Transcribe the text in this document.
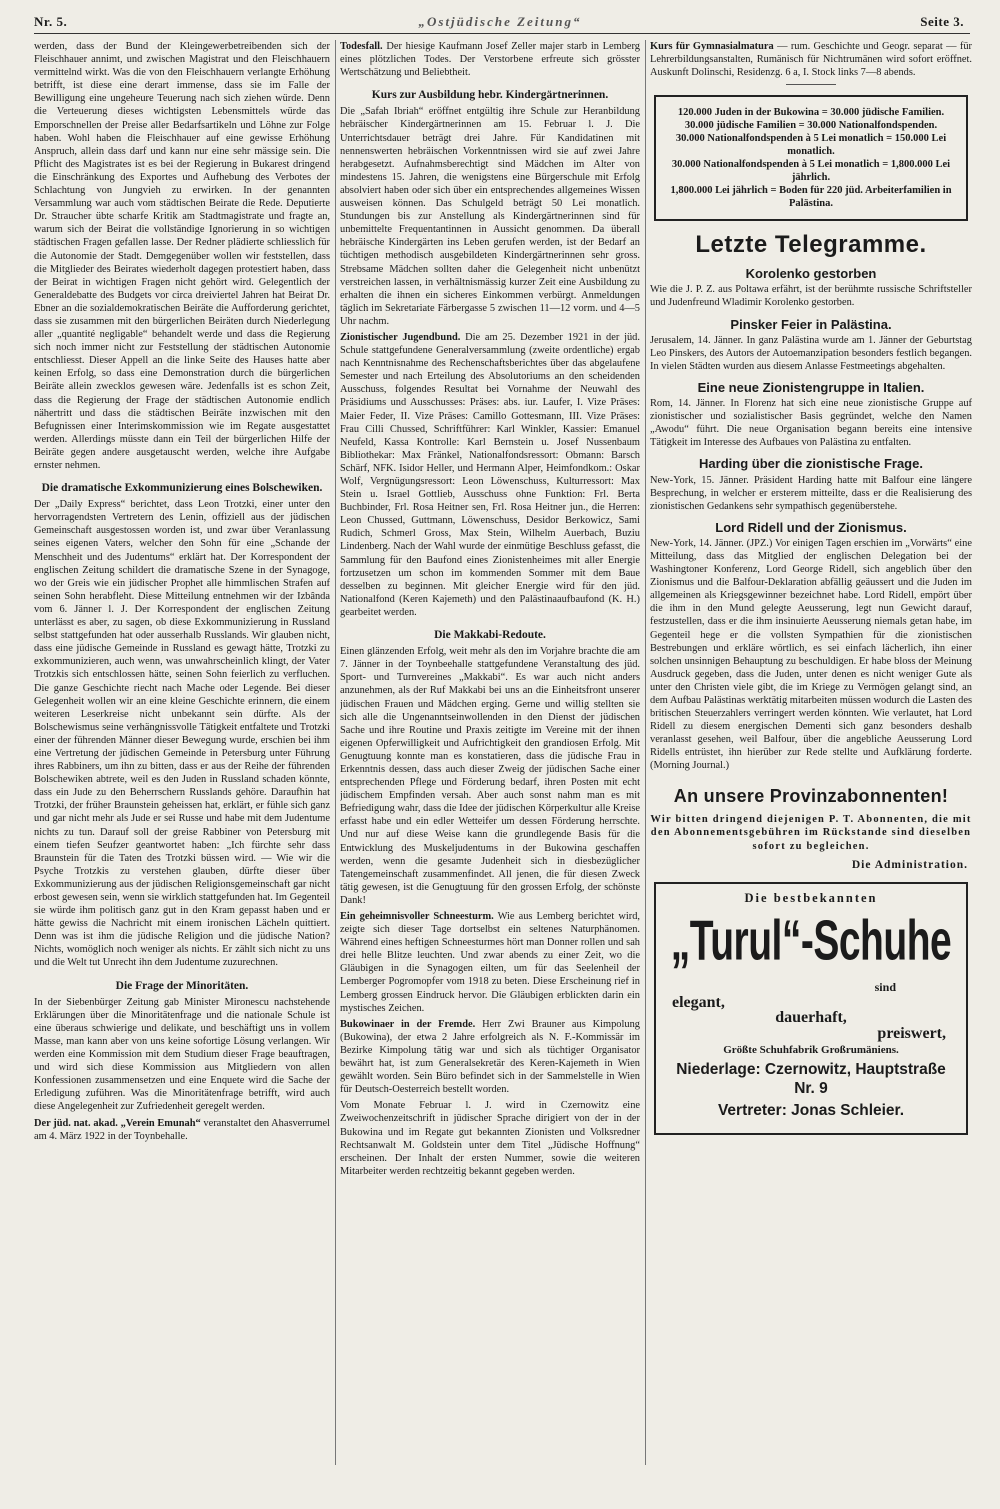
Nr. 5.	„Ostjüdische Zeitung“	Seite 3.

werden, dass der Bund der Kleingewerbetreibenden sich der Fleischhauer annimt, und zwischen Magistrat und den Fleischhauern vermittelnd wirkt. Was die von den Fleischhauern verlangte Erhöhung betrifft, ist diese eine derart immense, dass sie im Falle der Bewilligung eine ungeheure Teuerung nach sich ziehen würde. Denn die Verteuerung dieses wichtigsten Lebensmittels würde das Emporschnellen der Preise aller Bedarfsartikeln und Löhne zur Folge haben. Wohl haben die Fleischhauer auf eine gewisse Erhöhung Anspruch, allein dass darf und kann nur eine sehr mässige sein. Die Pflicht des Magistrates ist es bei der Regierung in Bukarest dringend die Einschränkung des Exportes und Aufhebung des Verbotes der Schlachtung von Jungvieh zu erwirken. In der genannten Versammlung war auch vom städtischen Beirate die Rede. Deputierte Dr. Straucher übte scharfe Kritik am Stadtmagistrate und fragte an, warum sich der Beirat die vollständige Ignorierung in so wichtigen städtischen Fragen gefallen lasse. Der Redner plädierte schliesslich für die Autonomie der Stadt. Demgegenüber wollen wir feststellen, dass die Mitglieder des Beirates wiederholt dagegen protestiert haben, dass der Beirat in wichtigen Fragen nicht gehört wird. Gelegentlich der Generaldebatte des Budgets vor circa dreiviertel Jahren hat Beirat Dr. Ebner an die sozialdemokratischen Beiräte die Aufforderung gerichtet, dass sie zusammen mit den bürgerlichen Beiräten durch Niederlegung aller „quantité negligable“ behandelt werde und dass die Regierung sich noch immer nicht zur Feststellung der städtischen Autonomie entschliesst. Dieser Appell an die linke Seite des Hauses hatte aber keinen Erfolg, so dass eine Demonstration durch die bürgerlichen Beiräte allein zwecklos gewesen wäre. Jedenfalls ist es schon Zeit, dass die Regierung der Frage der städtischen Autonomie endlich nähertritt und dass die städtischen Beiräte inzwischen mit den Befugnissen einer Interimskommission wie im Regate ausgestattet werden. Allerdings müsste dann ein Teil der bürgerlichen Hilfe der Beiräte gegen andere ausgetauscht werden, welche ihre Aufgabe ernster nehmen.

Die dramatische Exkommunizierung eines Bolschewiken.

Der „Daily Express“ berichtet, dass Leon Trotzki, einer unter den hervorragendsten Vertretern des Lenin, offiziell aus der jüdischen Gemeinschaft ausgestossen worden ist, und zwar über Veranlassung seines eigenen Vaters, welcher den Sohn für eine „Schande der Menschheit und des Judentums“ erklärt hat. Der Korrespondent der englischen Zeitung schildert die dramatische Szene in der Synagoge, wo der Greis wie ein jüdischer Prophet alle himmlischen Strafen auf seinen Sohn herabfleht. Diese Mitteilung entnehmen wir der Izbânda vom 6. Jänner l. J. Der Korrespondent der englischen Zeitung unterlässt es aber, zu sagen, ob diese Exkommunizierung in Russland selbst stattgefunden hat oder ausserhalb Russlands. Wir glauben nicht, dass eine jüdische Gemeinde in Russland es gewagt hätte, Trotzki zu exkommunizieren, auch wenn, was unwahrscheinlich klingt, der Vater Trotzkis sich entschlossen hätte, seinen Sohn feierlich zu verfluchen. Die ganze Geschichte riecht nach Mache oder Legende. Bei dieser Gelegenheit wollen wir an eine kleine Geschichte erinnern, die einem weiteren Leserkreise nicht unbekannt sein dürfte. Als der Bolschewismus seine verhängnissvolle Tätigkeit entfaltete und Trotzki einer der führenden Männer dieser Bewegung wurde, erschien bei ihm eine Vertretung der jüdischen Gemeinde in Petersburg unter Führung ihres Rabbiners, um ihn zu bitten, dass er aus der Reihe der führenden Bolschewiken abtrete, weil es den Juden in Russland schaden könnte, dass ein Jude zu den Beherrschern Russlands gehöre. Daraufhin hat Trotzki, der früher Braunstein geheissen hat, erklärt, er fühle sich ganz und gar nicht mehr als Jude er sei Russe und habe mit dem Judentume nichts zu tun. Darauf soll der greise Rabbiner von Petersburg mit einem tiefen Seufzer geantwortet haben: „Ich fürchte sehr dass Braunstein für die Taten des Trotzki büssen wird. — Wie wir die Psyche Trotzkis zu verstehen glauben, dürfte dieser über Exkommunizierung aus der jüdischen Religionsgemeinschaft gar nicht erbost gewesen sein, wenn sie wirklich stattgefunden hat. Im Gegenteil sie würde ihm politisch ganz gut in den Kram gepasst haben und er hätte gewiss die Nachricht mit einem ironischen Lächeln quittiert. Denn was ist ihm die jüdische Religion und die jüdische Nation? Nichts, womöglich noch weniger als nichts. Er zählt sich nicht zu uns und die Welt tut Unrecht ihn dem Judentume zuzurechnen.

Die Frage der Minoritäten.

In der Siebenbürger Zeitung gab Minister Mironescu nachstehende Erklärungen über die Minoritätenfrage und die nationale Schule ist eine überaus schwierige und delikate, und beschäftigt uns in vollem Masse, man kann aber von uns keine sofortige Lösung verlangen. Wir werden eine Kommission mit dem Studium dieser Frage beauftragen, und wird sich diese Kommission aus Mitgliedern von allen Konfessionen zusammensetzen und eine Enquete wird die Sache der Erledigung zuführen. Was die Minoritätenfrage betrifft, wird auch diese Angelegenheit zur Zufriedenheit geregelt werden.

Der jüd. nat. akad. „Verein Emunah“ veranstaltet den Ahasverrumel am 4. März 1922 in der Toynbehalle.

Todesfall. Der hiesige Kaufmann Josef Zeller majer starb in Lemberg eines plötzlichen Todes. Der Verstorbene erfreute sich grösster Wertschätzung und Beliebtheit.

Kurs zur Ausbildung hebr. Kindergärtnerinnen.

Die „Safah Ibriah“ eröffnet entgültig ihre Schule zur Heranbildung hebräischer Kindergärtnerinnen am 15. Februar l. J. Die Unterrichtsdauer beträgt drei Jahre. Für Kandidatinen mit nennenswerten hebräischen Vorkenntnissen wird sie auf zwei Jahre herabgesetzt. Aufnahmsberechtigt sind Mädchen im Alter von mindestens 15. Jahren, die wenigstens eine Bürgerschule mit Erfolg absolviert haben oder sich über ein entsprechendes allgemeines Wissen ausweisen können. Das Schulgeld beträgt 50 Lei monatlich. Stundungen bis zur Anstellung als Kindergärtnerinnen sind für unbemittelte Frequentantinnen in Aussicht genommen. Da überall hebräische Kindergärten ins Leben gerufen werden, ist der Bedarf an tüchtigen methodisch ausgebildeten Kindergärtnerinnen sehr gross. Strebsame Mädchen sollten daher die Gelegenheit nicht unbenützt verstreichen lassen, in verhältnismässig kurzer Zeit eine Ausbildung zu erhalten die ihnen ein sicheres Einkommen verbürgt. Anmeldungen täglich im Sekretariate Färbergasse 5 zwischen 11—12 vorm. und 4—5 Uhr nachm.

Zionistischer Jugendbund. Die am 25. Dezember 1921 in der jüd. Schule stattgefundene Generalversammlung (zweite ordentliche) ergab nach Kenntnisnahme des Rechenschaftsberichtes über das abgelaufene Semester und nach Erteilung des Absolutoriums an den scheidenden Ausschuss, folgendes Resultat bei Vornahme der Neuwahl des Präsidiums und Ausschusses: Präses: abs. iur. Laufer, I. Vize Präses: Maier Feder, II. Vize Präses: Camillo Gottesmann, III. Vize Präses: Frau Cilli Chussed, Schriftführer: Karl Winkler, Kassier: Emanuel Neufeld, Kassa Kontrolle: Karl Bernstein u. Josef Nussenbaum Bibliothekar: Max Fränkel, Nationalfondsressort: Obmann: Barsch Schärf, NFK. Isidor Heller, und Hermann Alper, Heimfondkom.: Oskar Wolf, Vergnügungsressort: Leon Löwenschuss, Kulturressort: Max Stein u. Israel Gottlieb, Ausschuss ohne Funktion: Frl. Berta Buchbinder, Frl. Rosa Heitner sen, Frl. Rosa Heitner jun., die Herren: Leon Chussed, Guttmann, Löwenschuss, Desidor Berkowicz, Sami Rudich, Schmerl Gross, Max Stein, Wilhelm Auerbach, Buziu Lindenberg. Nach der Wahl wurde der einmütige Beschluss gefasst, die Sammlung für den Baufond eines Zionistenheimes mit aller Energie fortzusetzen um schon im kommenden Sommer mit dem Baue desselben zu beginnen. Mit gleicher Energie wird für den jüd. Nationalfond (Keren Kajemeth) und den Palästinaaufbaufond (K. H.) gearbeitet werden.

Die Makkabi-Redoute.

Einen glänzenden Erfolg, weit mehr als den im Vorjahre brachte die am 7. Jänner in der Toynbeehalle stattgefundene Veranstaltung des jüd. Sport- und Turnvereines „Makkabi“. Es war auch nicht anders anzunehmen, als der Ruf Makkabi bei uns an die Einheitsfront unserer jüdischen Frauen und Mädchen erging. Gerne und willig stellten sie sich alle die Ungenanntseinwollenden in den Dienst der jüdischen Sache und ihre Routine und Praxis zeitigte im Vereine mit der ihnen eigenen Opferwilligkeit und Aufrichtigkeit den grandiosen Erfolg. Mit Genugtuung konnte man es konstatieren, dass die jüdische Frau in Erkenntnis dessen, dass auch dieser Zweig der jüdischen Sache einer entsprechenden Pflege und Förderung bedarf, ihren Posten mit echt jüdischem Empfinden versah. Aber auch sonst nahm man es mit Befriedigung wahr, dass die Idee der jüdischen Körperkultur alle Kreise erfasst habe und ein edler Wetteifer um dessen Förderung herrschte. Und nur auf diese Weise kann die grundlegende Basis für die Entwicklung des Muskeljudentums in der Bukowina geschaffen werden, wenn die gesamte Judenheit sich in diesbezüglicher Tatengemeinschaft zusammenfindet. All jenen, die für diesen Zweck tätig gewesen, ist die Genugtuung für den grossen Erfolg, der schönste Dank!

Ein geheimnisvoller Schneesturm. Wie aus Lemberg berichtet wird, zeigte sich dieser Tage dortselbst ein seltenes Naturphänomen. Während eines heftigen Schneesturmes hört man Donner rollen und sah drei helle Blitze leuchten. Und zwar abends zu einer Zeit, wo die Gläubigen in die Synagogen eilten, um für das Seelenheil der Lemberger Pogromopfer vom 1918 zu beten. Diese Erscheinung rief in Lemberg grossen Eindruck hervor. Die Gläubigen erblickten darin ein mystisches Zeichen.

Bukowinaer in der Fremde. Herr Zwi Brauner aus Kimpolung (Bukowina), der etwa 2 Jahre erfolgreich als N. F.-Kommissär im Bezirke Kimpolung tätig war und sich als tüchtiger Organisator bewährt hat, ist zum Generalsekretär des Keren-Kajemeth in Wien gewählt worden. Sein Büro befindet sich in der Sammelstelle in Wien für Deutsch-Oesterreich bestellt worden.

Vom Monate Februar l. J. wird in Czernowitz eine Zweiwochenzeitschrift in jüdischer Sprache dirigiert von der in der Bukowina und im Regate gut bekannten Zionisten und Volksredner Rechtsanwalt M. Goldstein unter dem Titel „Jüdische Hoffnung“ erscheinen. Der Inhalt der ersten Nummer, sowie die weiteren Mitarbeiter werden rechtzeitig bekannt gegeben werden.

Kurs für Gymnasialmatura — rum. Geschichte und Geogr. separat — für Lehrerbildungsanstalten, Rumänisch für Nichtrumänen wird sofort eröffnet. Auskunft Dolinschi, Residenzg. 6 a, I. Stock links 7—8 abends.

120.000 Juden in der Bukowina = 30.000 jüdische Familien.
30.000 jüdische Familien = 30.000 Nationalfondspenden.
30.000 Nationalfondspenden à 5 Lei monatlich = 150.000 Lei monatlich.
30.000 Nationalfondspenden à 5 Lei monatlich = 1,800.000 Lei jährlich.
1,800.000 Lei jährlich = Boden für 220 jüd. Arbeiterfamilien in Palästina.
Letzte Telegramme.
Korolenko gestorben

Wie die J. P. Z. aus Poltawa erfährt, ist der berühmte russische Schriftsteller und Judenfreund Wladimir Korolenko gestorben.

Pinsker Feier in Palästina.

Jerusalem, 14. Jänner. In ganz Palästina wurde am 1. Jänner der Geburtstag Leo Pinskers, des Autors der Autoemanzipation besonders festlich begangen. In vielen Städten wurden aus diesem Anlasse Festmeetings abgehalten.

Eine neue Zionistengruppe in Italien.

Rom, 14. Jänner. In Florenz hat sich eine neue zionistische Gruppe auf zionistischer und sozialistischer Basis gegründet, welche den Namen „Awodu“ führt. Die neue Organisation begann bereits eine intensive Tätigkeit im Interesse des Aufbaues von Palästina zu entfalten.

Harding über die zionistische Frage.

New-York, 15. Jänner. Präsident Harding hatte mit Balfour eine längere Besprechung, in welcher er ersterem mitteilte, dass er die Realisierung des zionistischen Gedankens sehr sympathisch gegenüberstehe.

Lord Ridell und der Zionismus.

New-York, 14. Jänner. (JPZ.) Vor einigen Tagen erschien im „Vorwärts“ eine Mitteilung, dass das Mitglied der englischen Delegation bei der Washingtoner Konferenz, Lord George Ridell, sich angeblich über den Zionismus und die Balfour-Deklaration abfällig geäussert und die Juden im allgemeinen als Kriegsgewinner bezeichnet habe. Lord Ridell, empört über die ihm in den Mund gelegte Aeusserung, legt nun Gewicht darauf, festzustellen, dass er die ihm insinuierte Aeusserung niemals getan habe, im Gegenteil hege er die vollsten Sympathien für die zionistischen Bestrebungen und erkläre wörtlich, es sei einfach lächerlich, ihn einer solchen unsinnigen Behauptung zu beschuldigen. Er habe bloss der Meinung Ausdruck gegeben, dass die Juden, unter denen es nicht weniger Gute als unter den Christen viele gibt, die im Kriege zu Vermögen gelangt sind, an dem Aufbau Palästinas werktätig mitarbeiten müssen wodurch die Lasten des britischen Steuerzahlers verringert werden könnten. Wie verlautet, hat Lord Ridell zu diesem energischen Dementi sich ganz besonders deshalb veranlasst gesehen, weil Balfour, über die angebliche Aeusserung Lord Ridells entrüstet, ihn hierüber zur Rede stellte und Aufklärung forderte. (Morning Journal.)

An unsere Provinzabonnenten!
Wir bitten dringend diejenigen P. T. Abonnenten, die mit den Abonnementsgebühren im Rückstande sind dieselben sofort zu begleichen.
Die Administration.
Die bestbekannten
„Turul“-Schuhe
sind
elegant,
dauerhaft,
preiswert,
Größte Schuhfabrik Großrumäniens.
Niederlage: Czernowitz, Hauptstraße Nr. 9
Vertreter: Jonas Schleier.
